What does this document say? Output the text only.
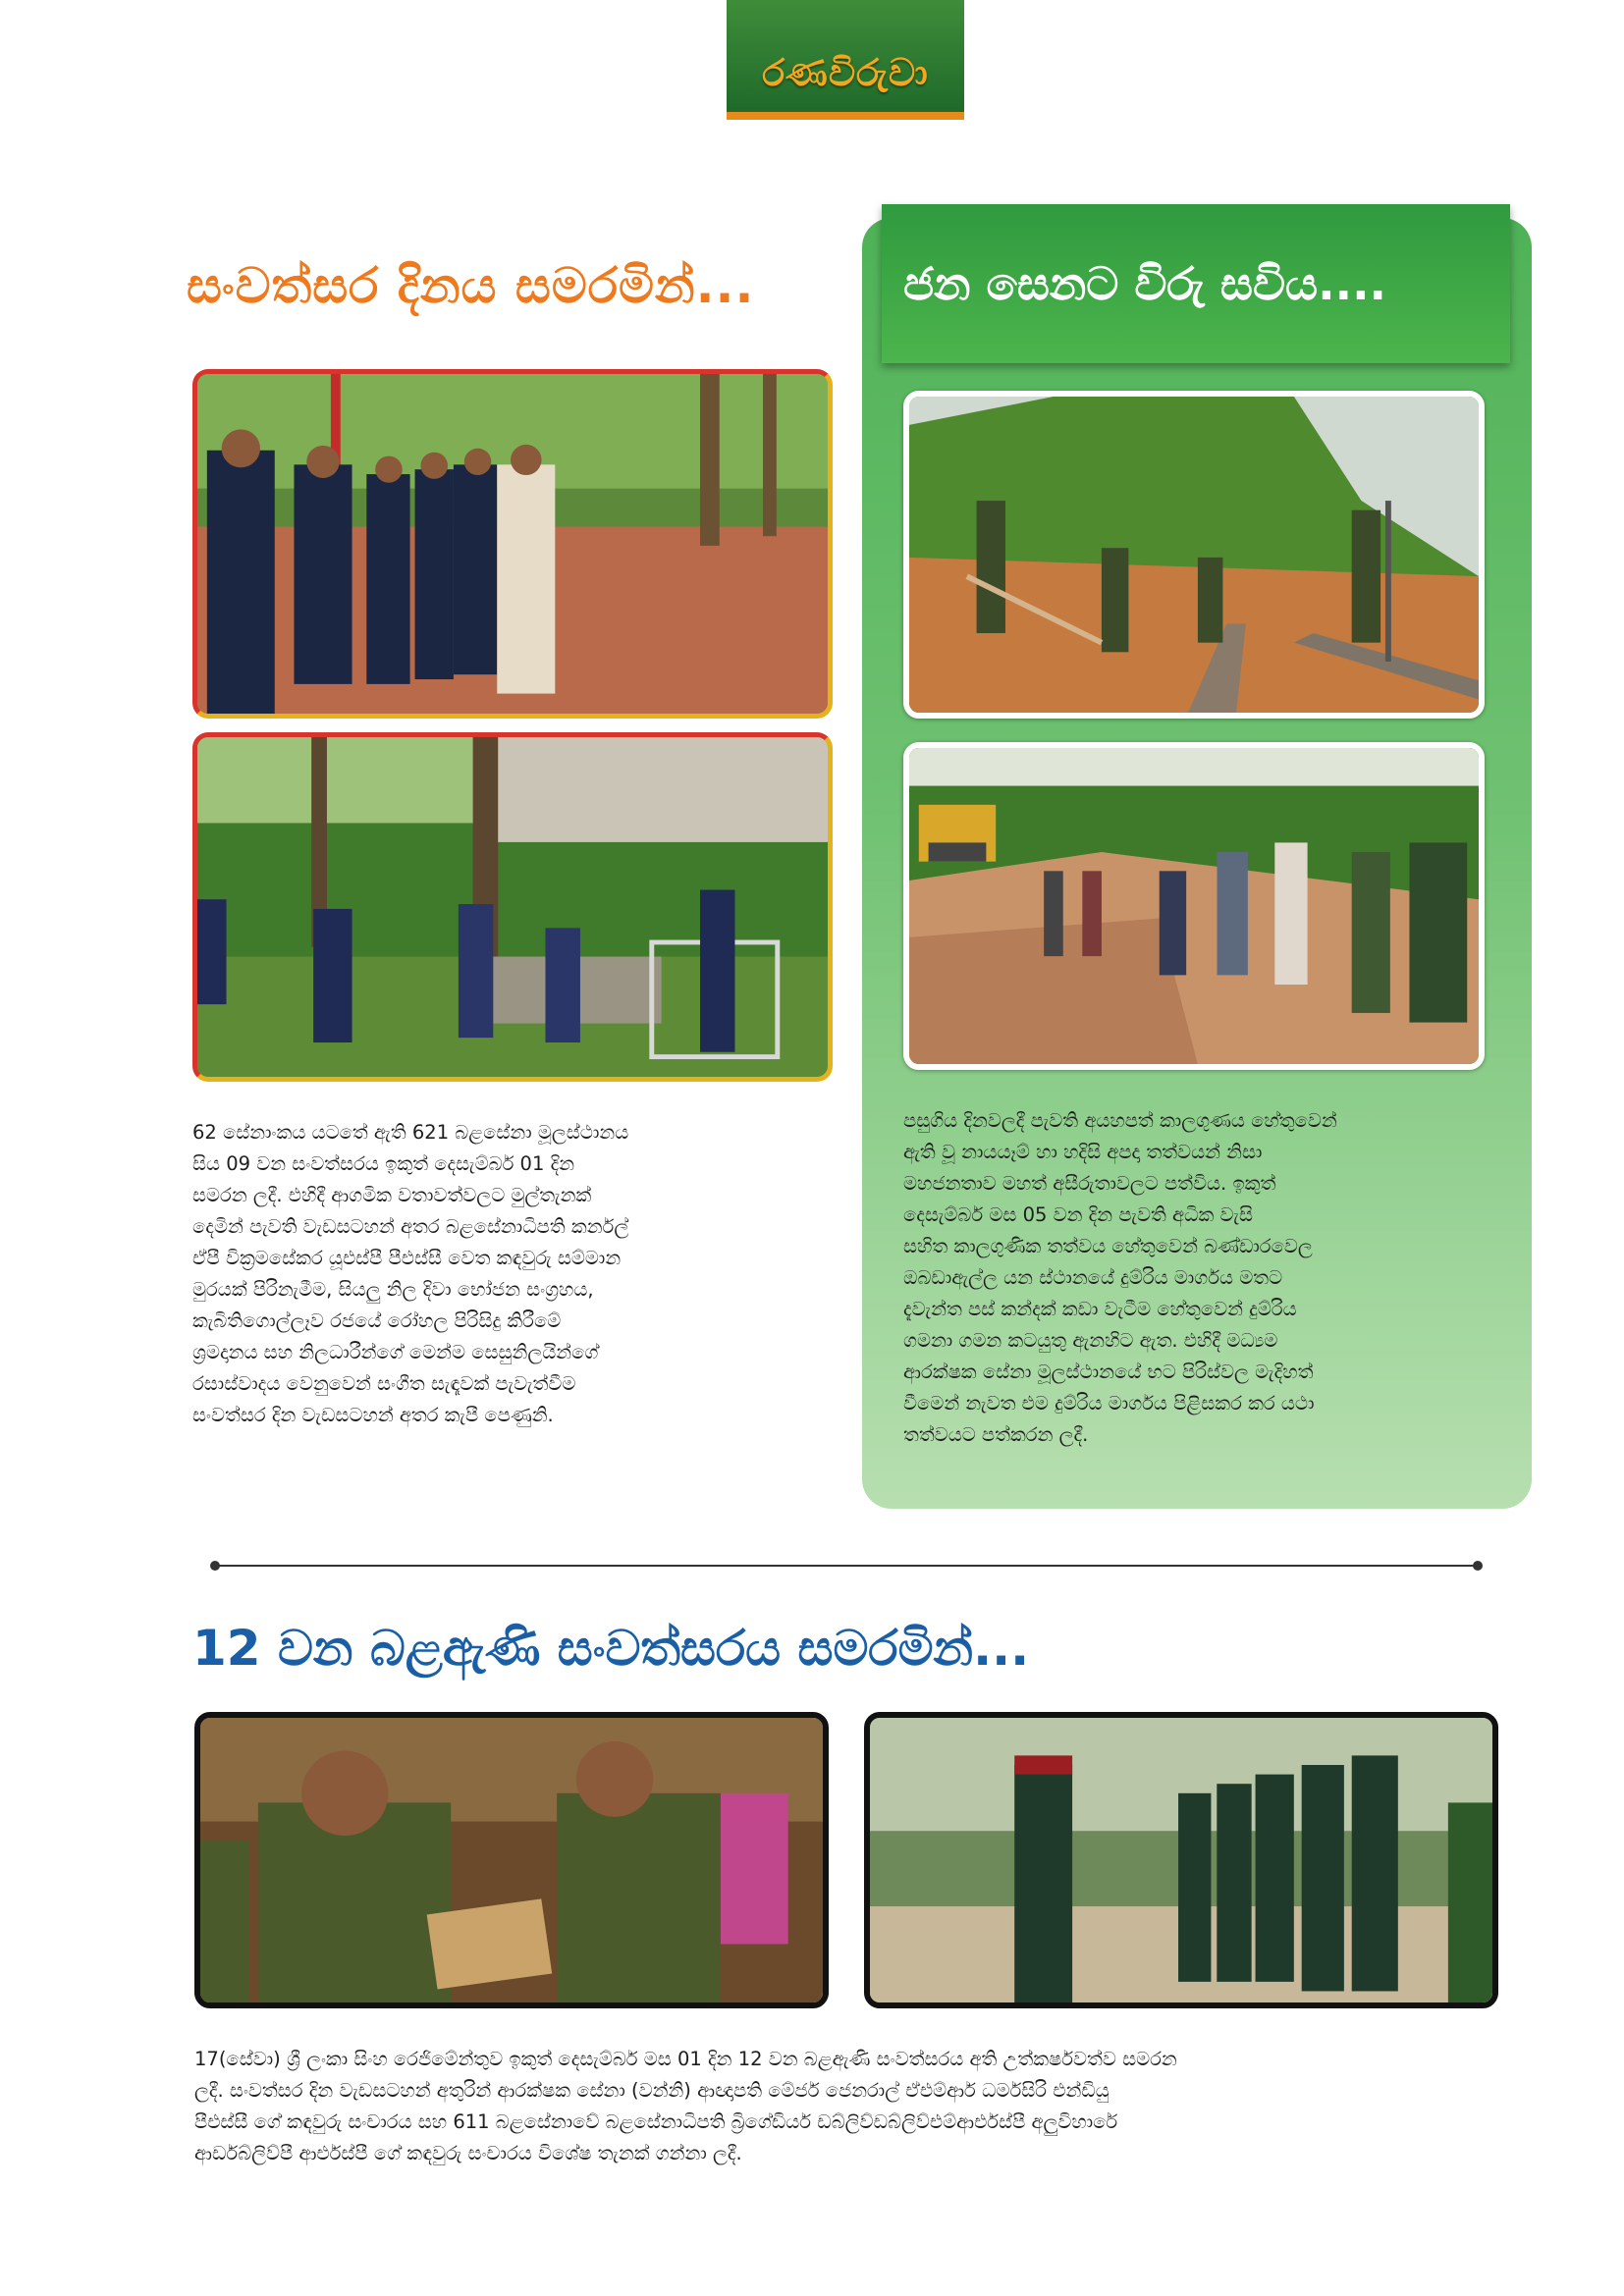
රණවිරුවා
සංවත්සර දිනය සමරමින්...
62 සේනාංකය යටතේ ඇති 621 බළසේනා මූලස්ථානය
සිය 09 වන සංවත්සරය ඉකුත් දෙසැම්බර් 01 දින
සමරන ලදී. එහිදී ආගමික වතාවත්වලට මුල්තැනක්
දෙමින් පැවති වැඩසටහන් අතර බළසේනාධිපති කර්නල්
ඒපී වික්‍රමසේකර යූඑස්පී පීඑස්සී වෙත කඳවුරු සම්මාන
මුරයක් පිරිනැමීම, සියලු නිල දිවා භෝජන සංග්‍රහය,
කැබිතිගොල්ලෑව රජයේ රෝහල පිරිසිදු කිරීමේ
ශ්‍රමදානය සහ නිලධාරීන්ගේ මෙන්ම සෙසුනිලයින්ගේ
රසාස්වාදය වෙනුවෙන් සංගීත සැඳෑවක් පැවැත්වීම
සංවත්සර දින වැඩසටහන් අතර කැපී පෙණුනි.
ජන සෙනට විරු සවිය....
පසුගිය දිනවලදී පැවති අයහපත් කාලගුණය හේතුවෙන්
ඇති වූ නායයෑම් හා හදිසි අපදා තත්වයන් නිසා
මහජනතාව මහත් අසීරුතාවලට පත්විය. ඉකුත්
දෙසැම්බර් මස 05 වන දින පැවති අධික වැසි
සහිත කාලගුණික තත්වය හේතුවෙන් බණ්ඩාරවෙල
ඔබඩාඇල්ල යන ස්ථානයේ දුම්රිය මාර්ගය මතට
දැවැන්ත පස් කන්දක් කඩා වැටීම හේතුවෙන් දුම්රිය
ගමනා ගමන කටයුතු ඇනහිට ඇත. එහිදී මධ්‍යම
ආරක්ෂක සේනා මූලස්ථානයේ භට පිරිස්වල මැදිහත්
වීමෙන් නැවත එම දුම්රිය මාර්ගය පිළිසකර කර යථා
තත්වයට පත්කරන ලදී.
12 වන බළඇණි සංවත්සරය සමරමින්...
17(සේවා) ශ්‍රී ලංකා සිංහ රෙජිමේන්තුව ඉකුත් දෙසැම්බර් මස 01 දින 12 වන බළඇණි සංවත්සරය අති උත්කර්ෂවත්ව සමරන
ලදී. සංවත්සර දින වැඩසටහන් අතුරින් ආරක්ෂක සේනා (වන්නි) ආඥාපති මේජර් ජෙනරාල් ඒඑම්ආර් ධර්මසිරි එන්ඩියු
පීඑස්සී ගේ කඳවුරු සංචාරය සහ 611 බළසේනාවේ බළසේනාධිපති බ්‍රිගේඩියර් ඩබ්ලිව්ඩබ්ලිව්එම්ආර්එස්පී අලුවිහාරේ
ආර්ඩබ්ලිව්පී ආර්එස්පී ගේ කඳවුරු සංචාරය විශේෂ තැනක් ගන්නා ලදී.
